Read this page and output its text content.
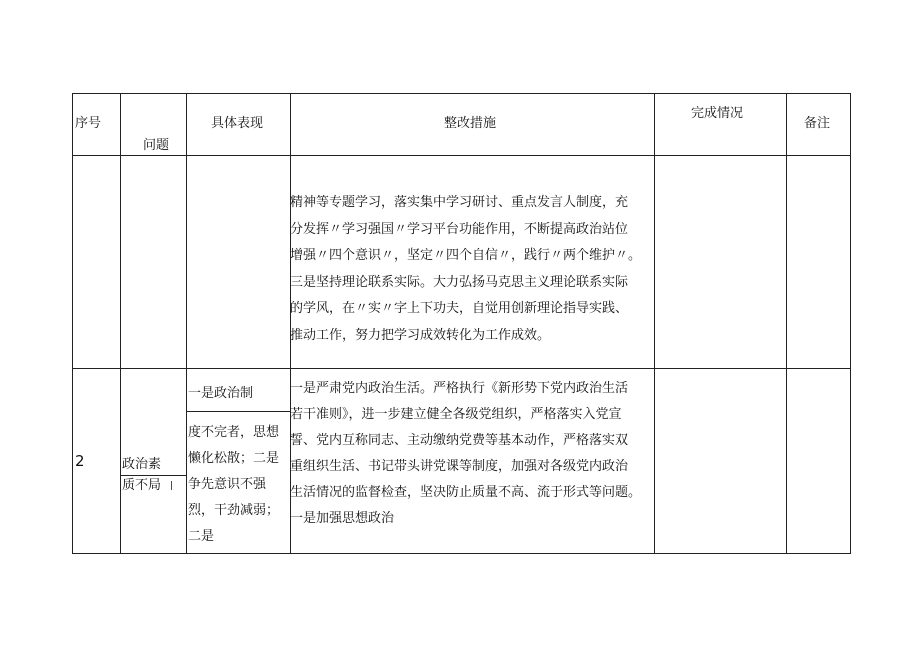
序号
问题
具体表现	整改措施
完成情况
备注
精神等专题学习，落实集中学习研讨、重点发言人制度，充
分发挥〃学习强国〃学习平台功能作用，不断提高政治站位
增强〃四个意识〃，坚定〃四个自信〃，践行〃两个维护〃。
三是坚持理论联系实际。大力弘扬马克思主义理论联系实际
的学风，在〃实〃字上下功夫，自觉用创新理论指导实践、
推动工作，努力把学习成效转化为工作成效。
2	政治素
质不局 |
一是政治制
度不完者，思想
懒化松散；二是
争先意识不强
烈，干劲减弱；
二是
一是严肃党内政治生活。严格执行《新形势下党内政治生活
若干准则》，进一步建立健全各级党组织，严格落实入党宣
誓、党内互称同志、主动缴纳党费等基本动作，严格落实双
重组织生活、书记带头讲党课等制度，加强对各级党内政治
生活情况的监督检查，坚决防止质量不高、流于形式等问题。
一是加强思想政治
